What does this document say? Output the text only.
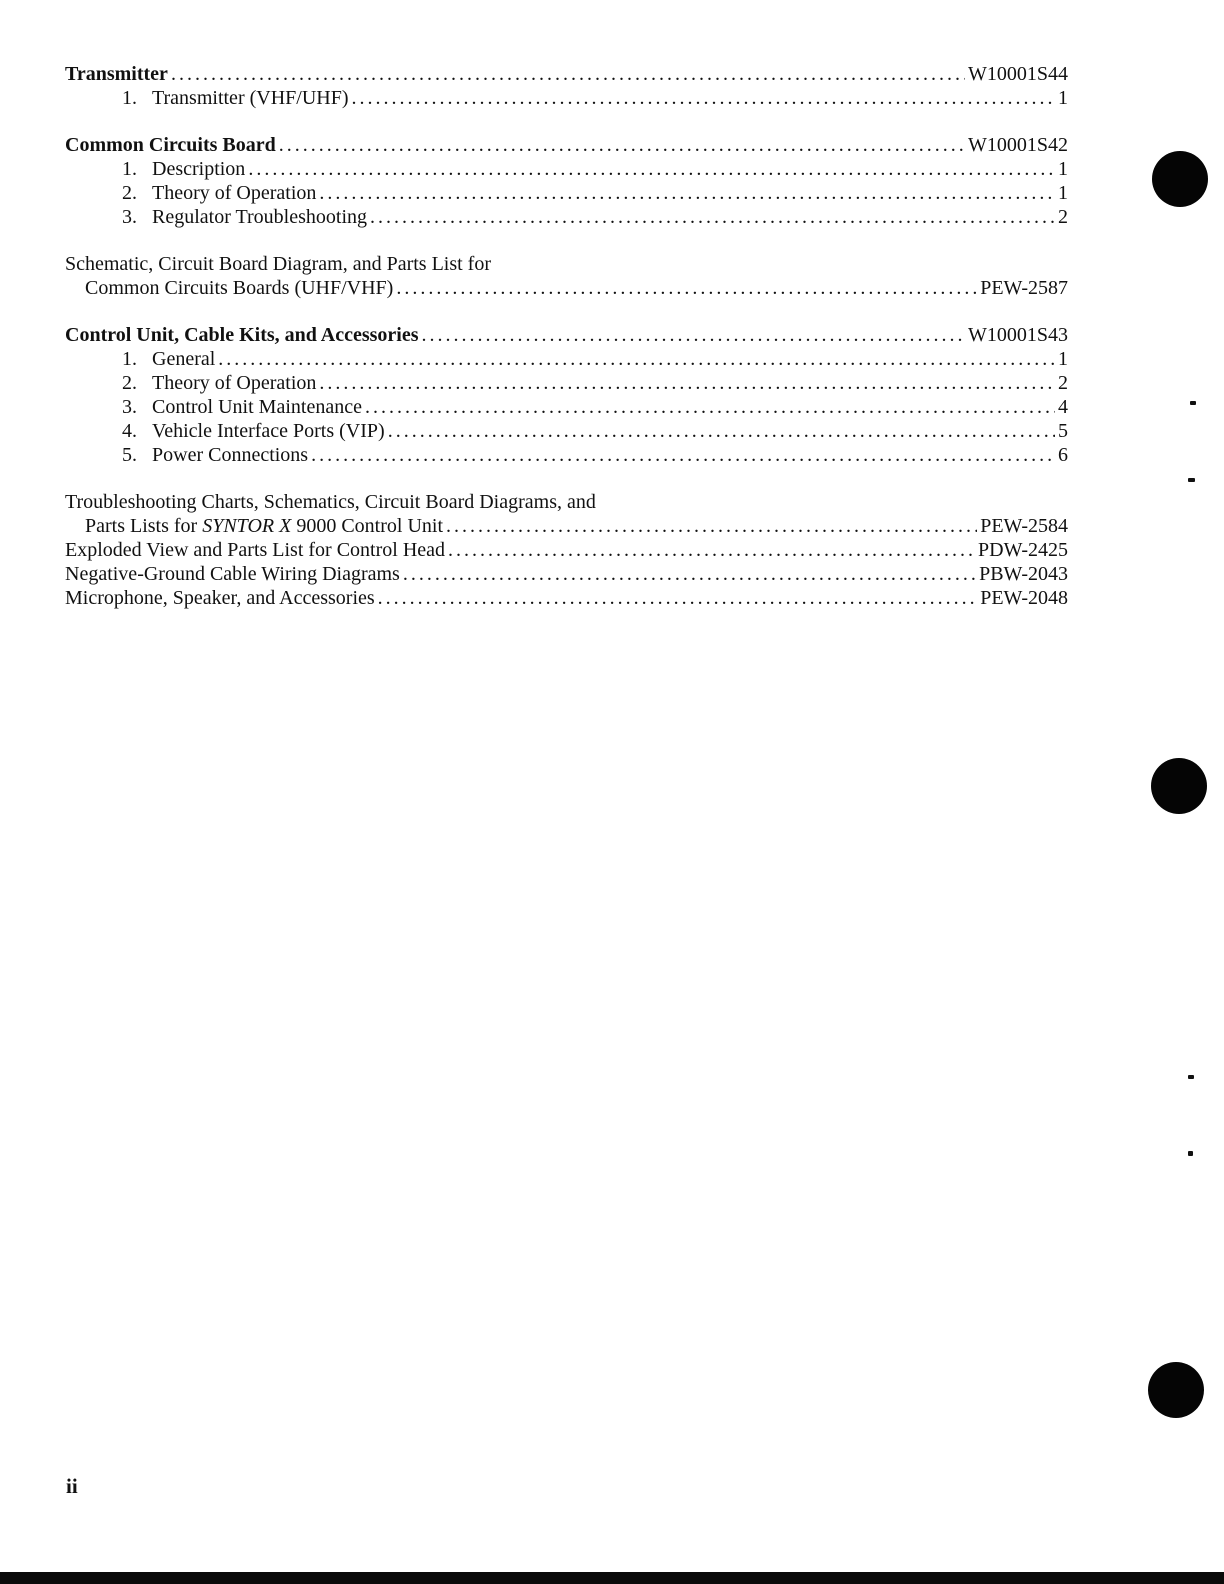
Transmitter . . .	W10001S44
1. Transmitter (VHF/UHF) . . .	1
Common Circuits Board . . .	W10001S42
1. Description . . .	1
2. Theory of Operation . . .	1
3. Regulator Troubleshooting . . .	2
Schematic, Circuit Board Diagram, and Parts List for
Common Circuits Boards (UHF/VHF) . . .	PEW-2587
Control Unit, Cable Kits, and Accessories . . .	W10001S43
1. General . . .	1
2. Theory of Operation . . .	2
3. Control Unit Maintenance . . .	4
4. Vehicle Interface Ports (VIP) . . .	5
5. Power Connections . . .	6
Troubleshooting Charts, Schematics, Circuit Board Diagrams, and
Parts Lists for SYNTOR X 9000 Control Unit . . .	PEW-2584
Exploded View and Parts List for Control Head . . .	PDW-2425
Negative-Ground Cable Wiring Diagrams . . .	PBW-2043
Microphone, Speaker, and Accessories . . .	PEW-2048
ii
